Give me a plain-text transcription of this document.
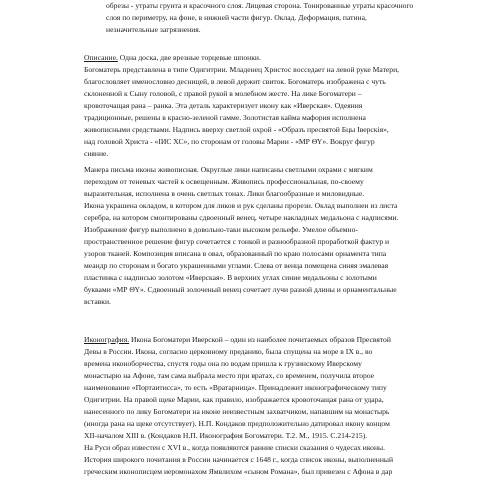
обрезы - утраты грунта и красочного слоя. Лицевая сторона. Тонированные утраты красочного

слоя по периметру, на фоне, в нижней части фигур. Оклад. Деформация, патина,

незначительные загрязнения.

Описание. Одна доска, две врезные торцевые шпонки.

Богоматерь представлена в типе Одигитрии. Младенец Христос восседает на левой руке Матери,

благословляет именословно десницей, в левой держит свиток. Богоматерь изображена с чуть

склоненной к Сыну головой, с правой рукой в молебном жесте. На лике Богоматери –

кровоточащая рана – ранка. Эта деталь характеризует икону как «Иверская». Одеяния

традиционные, решены в красно-зеленой гамме. Золотистая кайма мафория исполнена

живописными средствами. Надпись вверху светлой охрой - «Образъ пресвятой Бцы Iверскiя»,

над головой Христа - «IИС ХС», по сторонам от головы Марии - «МР ΘΥ». Вокруг фигур

сияние.

Манера письма иконы живописная. Округлые лики написаны светлыми охрами с мягким

переходом от теневых частей к освещенным. Живопись профессиональная, по-своему

выразительная, исполнена в очень светлых тонах. Лики благообразные и миловидные.

Икона украшена окладом, в котором для ликов и рук сделаны прорези. Оклад выполнен из листа

серебра, на котором смонтированы сдвоенный венец, четыре накладных медальона с надписями.

Изображение фигур выполнено в довольно-таки высоком рельефе. Умелое объемно-

пространственное решение фигур сочетается с тонкой и разнообразной проработкой фактур и

узоров тканей. Композиция вписана в овал, образованный по краю полосами орнамента типа

меандр по сторонам и богато украшенными углами. Слева от венца помещена синяя эмалевая

пластинка с надписью золотом «Иверская». В верхних углах синие медальоны с золотыми

буквами «МР ΘΥ». Сдвоенный золоченый венец сочетает лучи разной длины и орнаментальные

вставки.

Иконография. Икона Богоматери Иверской – один из наиболее почитаемых образов Пресвятой

Девы в России. Икона, согласно церковному преданию, была спущена на море в IX в., во

времена иконоборчества, спустя годы она по водам пришла к грузинскому Иверскому

монастырю на Афоне, там сама выбрала место при вратах, со временем, получила второе

наименование «Портаитисса», то есть «Вратарница». Принадлежит иконографическому типу

Одигитрии. На правой щеке Марии, как правило, изображается кровоточащая рана от удара,

нанесенного по лику Богоматери на иконе неизвестным захватчиком, напавшим на монастырь

(иногда рана на щеке отсутствует). Н.П. Кондаков предположительно датировал икону концом

XII-началом XIII в. (Кондаков Н.П. Иконография Богоматери. Т.2. М., 1915. С.214-215).

На Руси образ известен с XVI в., когда появляются ранние списки сказания о чудесах иконы.

История широкого почитания в России начинается с 1648 г., когда список иконы, выполненный

греческим иконописцем иеромонахом Ямвлихом «сыном Романа», был привезен с Афона в дар
